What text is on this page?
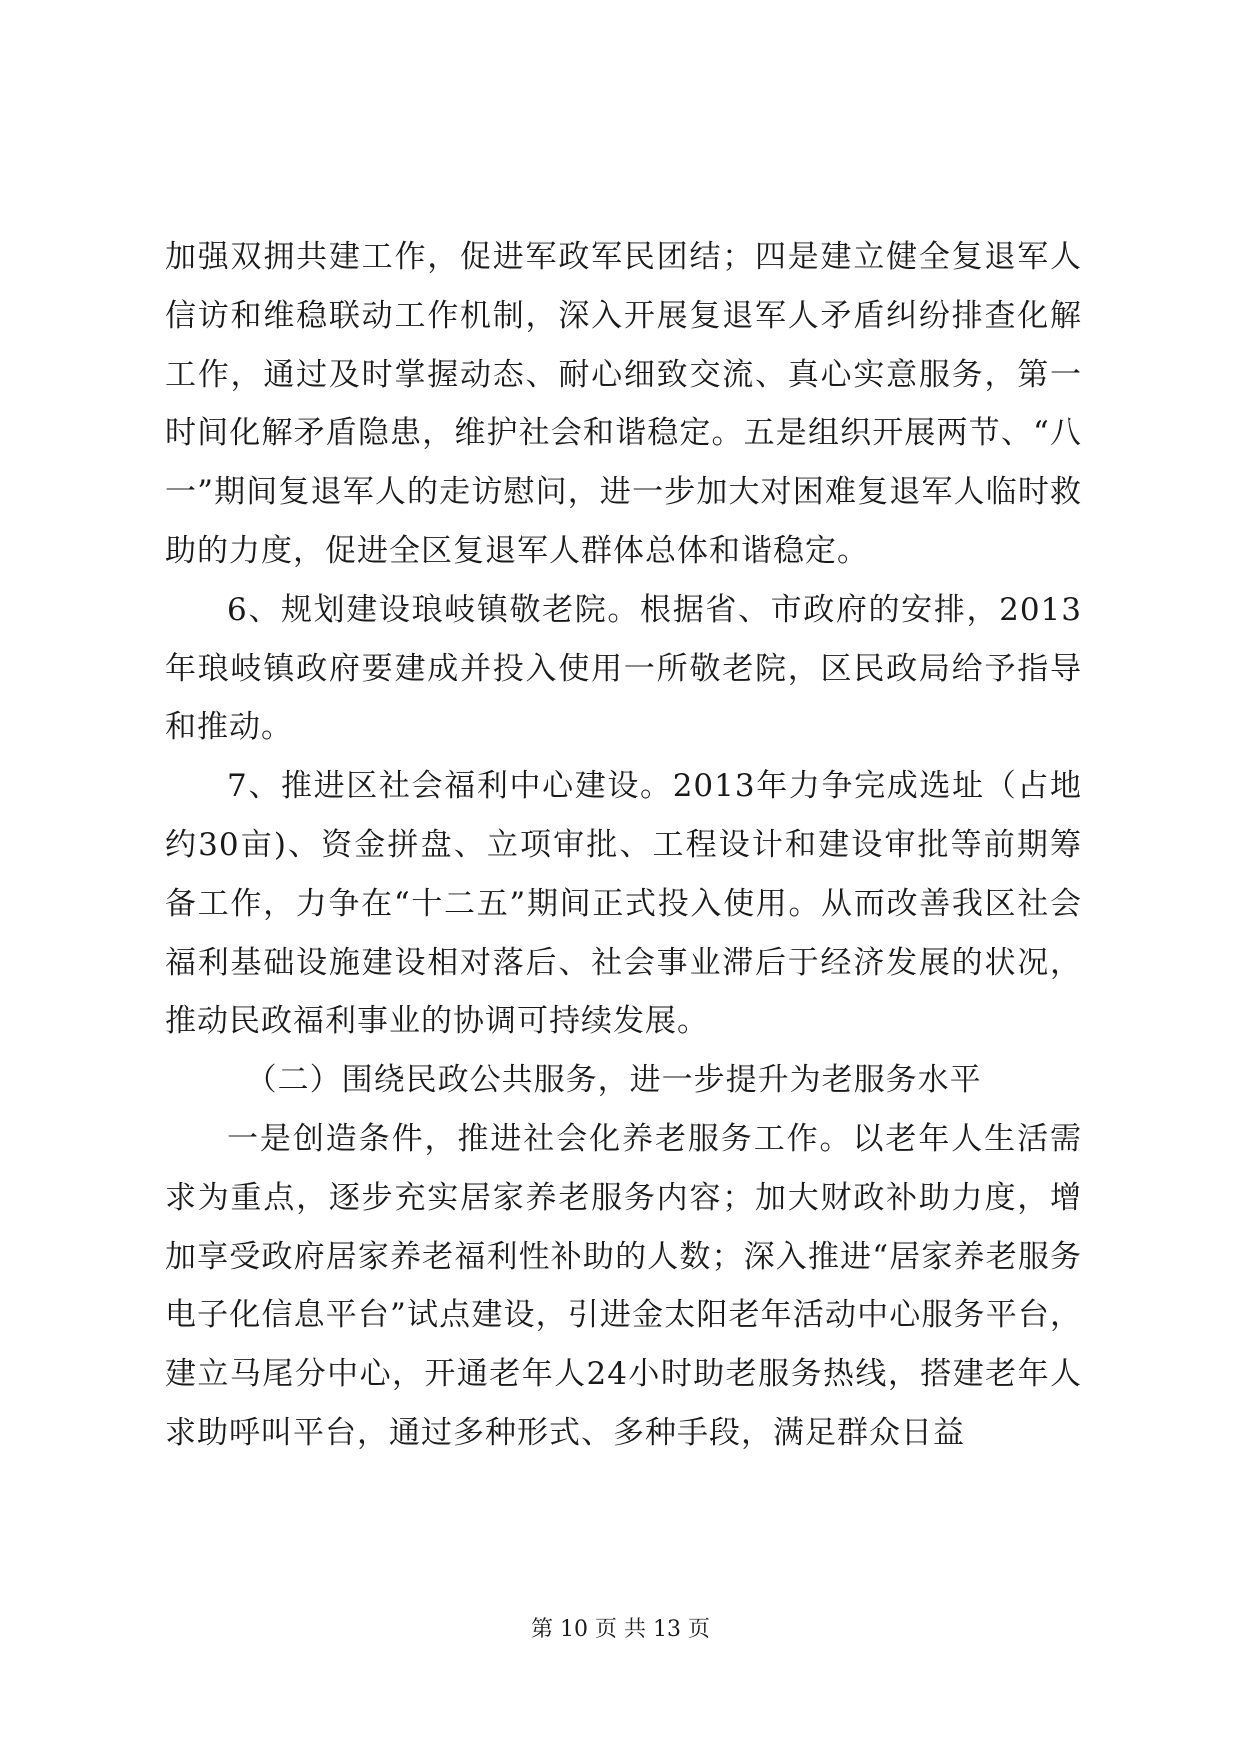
加强双拥共建工作，促进军政军民团结；四是建立健全复退军人信访和维稳联动工作机制，深入开展复退军人矛盾纠纷排查化解工作，通过及时掌握动态、耐心细致交流、真心实意服务，第一时间化解矛盾隐患，维护社会和谐稳定。五是组织开展两节、“八一”期间复退军人的走访慰问，进一步加大对困难复退军人临时救助的力度，促进全区复退军人群体总体和谐稳定。

6、规划建设琅岐镇敬老院。根据省、市政府的安排，2013年琅岐镇政府要建成并投入使用一所敬老院，区民政局给予指导和推动。

7、推进区社会福利中心建设。2013年力争完成选址（占地约30亩)、资金拼盘、立项审批、工程设计和建设审批等前期筹备工作，力争在“十二五”期间正式投入使用。从而改善我区社会福利基础设施建设相对落后、社会事业滞后于经济发展的状况，推动民政福利事业的协调可持续发展。

（二）围绕民政公共服务，进一步提升为老服务水平

一是创造条件，推进社会化养老服务工作。以老年人生活需求为重点，逐步充实居家养老服务内容；加大财政补助力度，增加享受政府居家养老福利性补助的人数；深入推进“居家养老服务电子化信息平台”试点建设，引进金太阳老年活动中心服务平台，建立马尾分中心，开通老年人24小时助老服务热线，搭建老年人求助呼叫平台，通过多种形式、多种手段，满足群众日益

第 10 页 共 13 页
